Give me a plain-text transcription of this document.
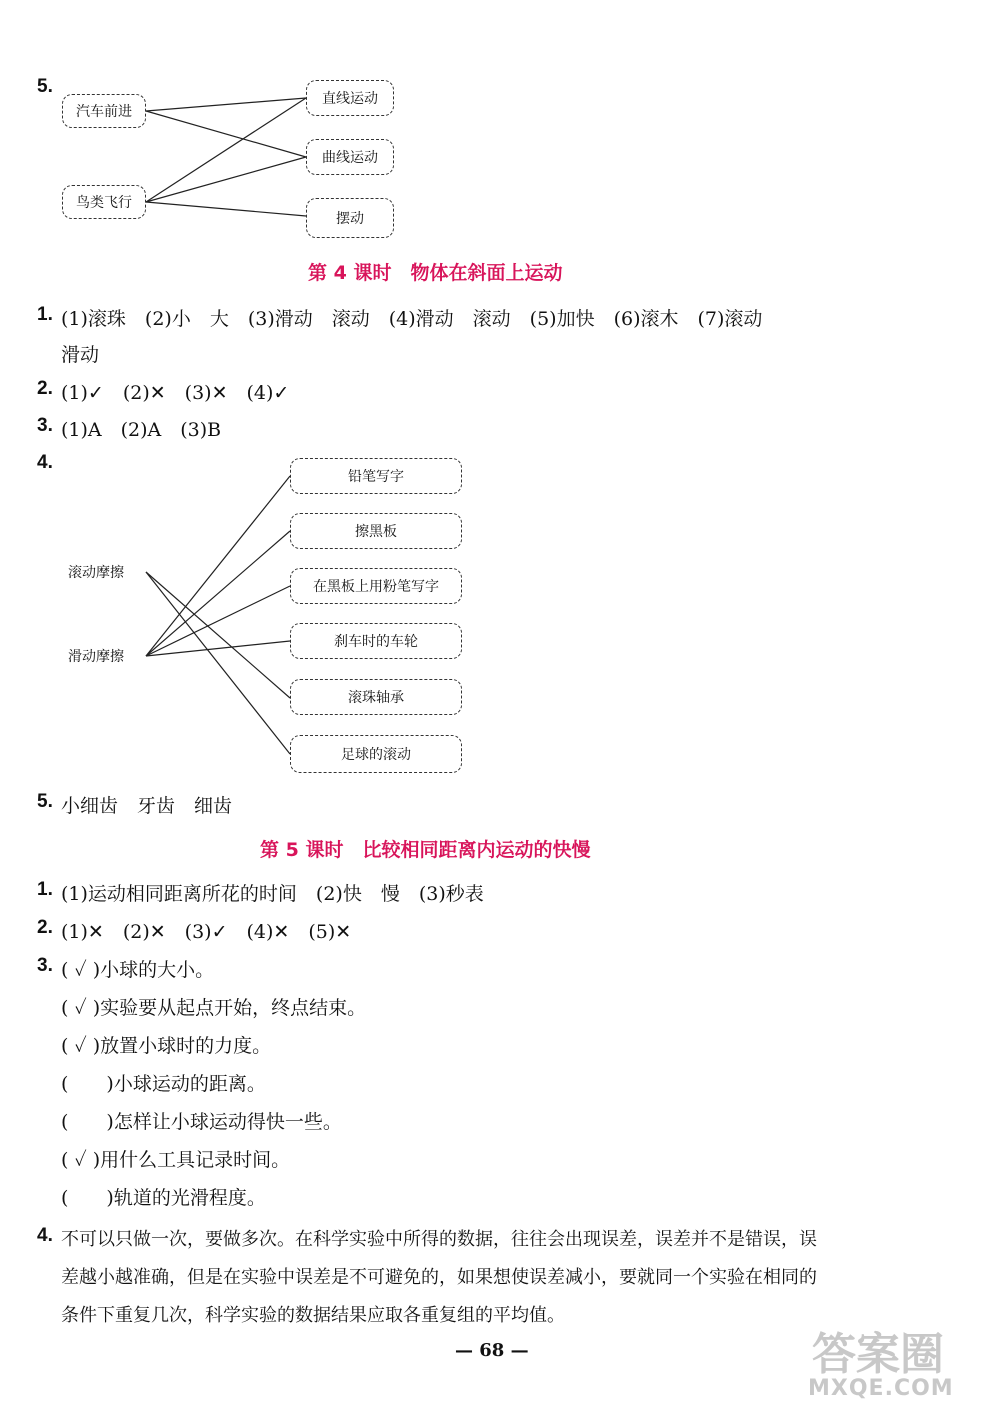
5.
汽车前进
鸟类飞行
直线运动
曲线运动
摆动
第 4 课时　物体在斜面上运动
1. (1)滚珠　(2)小　大　(3)滑动　滚动　(4)滑动　滚动　(5)加快　(6)滚木　(7)滚动
滑动
2. (1)✓　(2)✕　(3)✕　(4)✓
3. (1)A　(2)A　(3)B
4.
滚动摩擦
滑动摩擦
铅笔写字
擦黑板
在黑板上用粉笔写字
刹车时的车轮
滚珠轴承
足球的滚动
5. 小细齿　牙齿　细齿
第 5 课时　比较相同距离内运动的快慢
1. (1)运动相同距离所花的时间　(2)快　慢　(3)秒表
2. (1)✕　(2)✕　(3)✓　(4)✕　(5)✕
3. ( ✓ )小球的大小。
( ✓ )实验要从起点开始，终点结束。
( ✓ )放置小球时的力度。
(　　)小球运动的距离。
(　　)怎样让小球运动得快一些。
( ✓ )用什么工具记录时间。
(　　)轨道的光滑程度。
4. 不可以只做一次，要做多次。在科学实验中所得的数据，往往会出现误差，误差并不是错误，误
差越小越准确，但是在实验中误差是不可避免的，如果想使误差减小，要就同一个实验在相同的
条件下重复几次，科学实验的数据结果应取各重复组的平均值。
— 68 —	答案圈
MXQE.COM
